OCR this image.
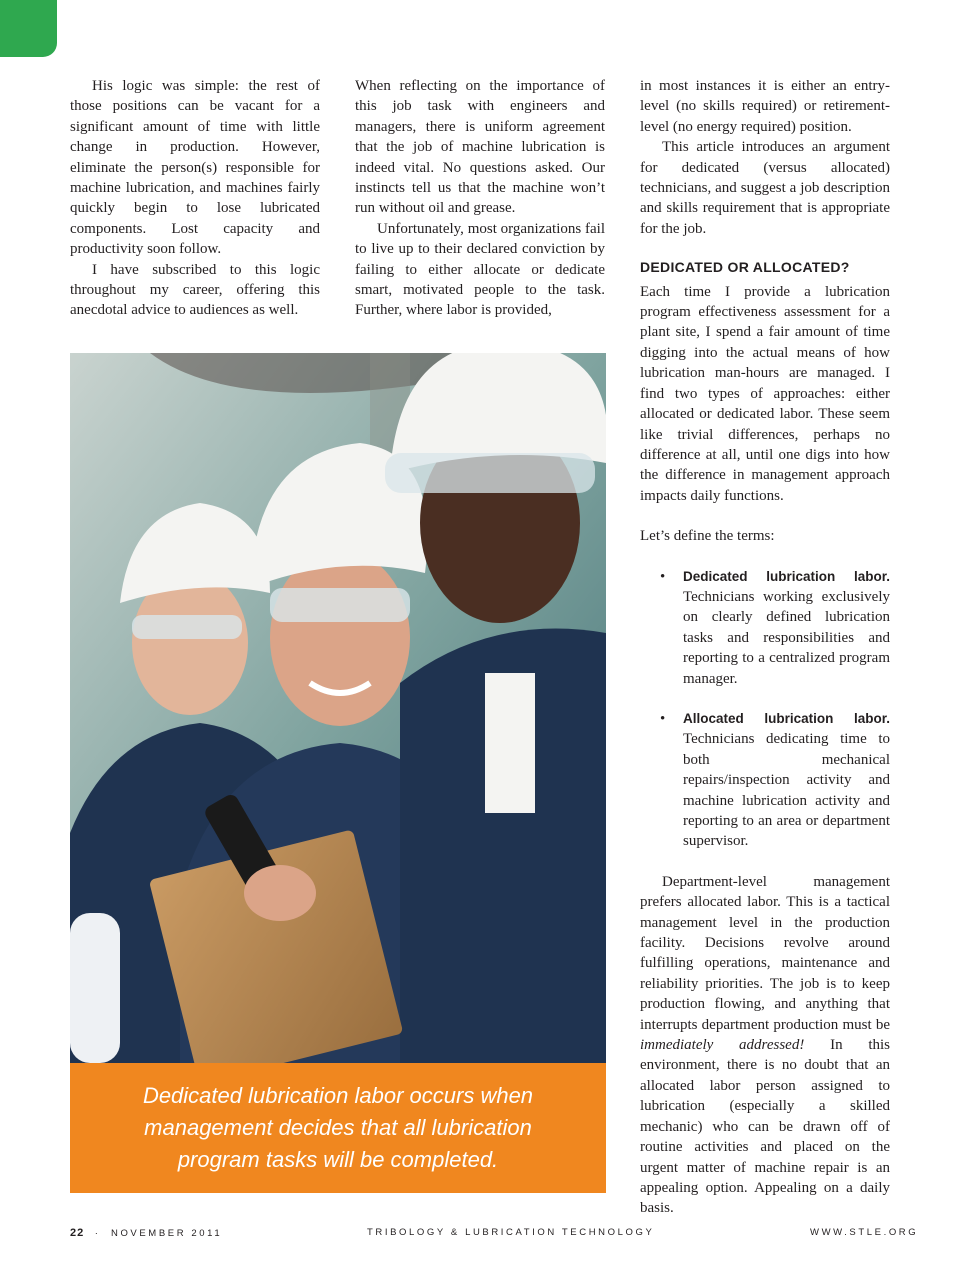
His logic was simple: the rest of those positions can be vacant for a significant amount of time with little change in production. However, eliminate the person(s) responsible for machine lubrication, and machines fairly quickly begin to lose lubricated components. Lost capacity and productivity soon follow.

I have subscribed to this logic throughout my career, offering this anecdotal advice to audiences as well.

When reflecting on the importance of this job task with engineers and managers, there is uniform agreement that the job of machine lubrication is indeed vital. No questions asked. Our instincts tell us that the machine won’t run without oil and grease.

Unfortunately, most organizations fail to live up to their declared conviction by failing to either allocate or dedicate smart, motivated people to the task. Further, where labor is provided,

in most instances it is either an entry-level (no skills required) or retirement-level (no energy required) position.

This article introduces an argument for dedicated (versus allocated) technicians, and suggest a job description and skills requirement that is appropriate for the job.

DEDICATED OR ALLOCATED?

Each time I provide a lubrication program effectiveness assessment for a plant site, I spend a fair amount of time digging into the actual means of how lubrication man-hours are managed. I find two types of approaches: either allocated or dedicated labor. These seem like trivial differences, perhaps no difference at all, until one digs into how the difference in management approach impacts daily functions.

Let’s define the terms:

• Dedicated lubrication labor. Technicians working exclusively on clearly defined lubrication tasks and responsibilities and reporting to a centralized program manager.
• Allocated lubrication labor. Technicians dedicating time to both mechanical repairs/inspection activity and machine lubrication activity and reporting to an area or department supervisor.

Department-level management prefers allocated labor. This is a tactical management level in the production facility. Decisions revolve around fulfilling operations, maintenance and reliability priorities. The job is to keep production flowing, and anything that interrupts department production must be immediately addressed! In this environment, there is no doubt that an allocated labor person assigned to lubrication (especially a skilled mechanic) who can be drawn off of routine activities and placed on the urgent matter of machine repair is an appealing option. Appealing on a daily basis.

Dedicated lubrication labor occurs when management decides that all lubrication program tasks will be completed.
22 · NOVEMBER 2011	TRIBOLOGY & LUBRICATION TECHNOLOGY	WWW.STLE.ORG
